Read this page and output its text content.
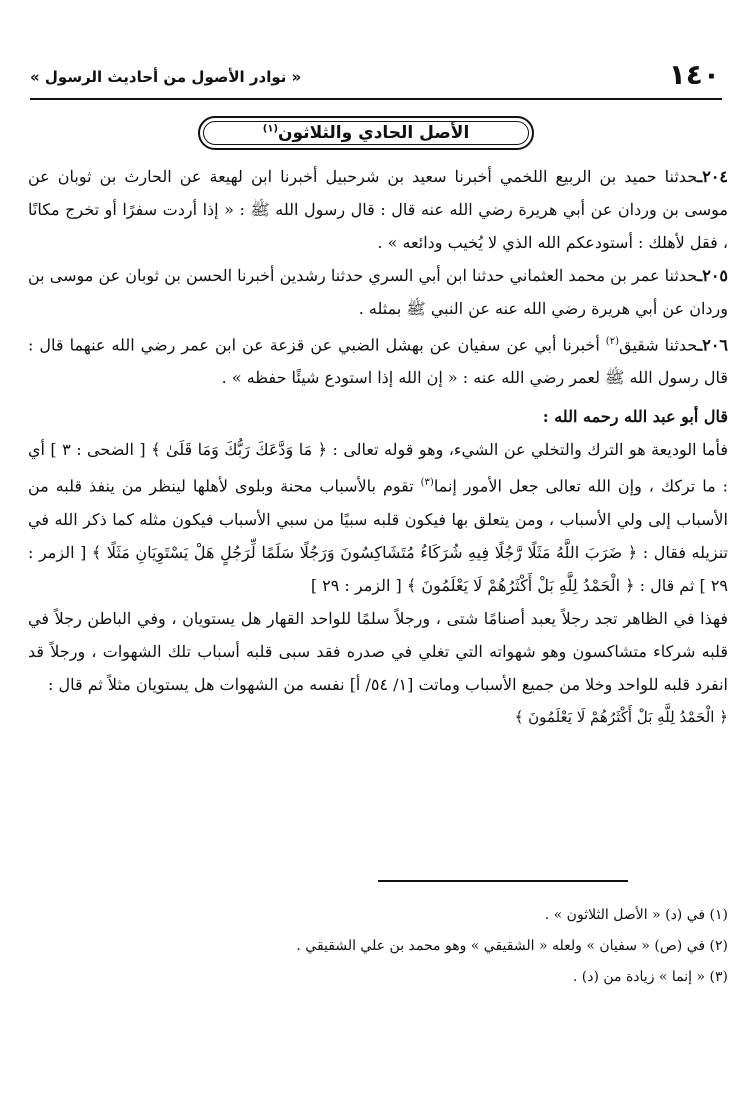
١٤٠
« نوادر الأصول من أحاديث الرسول »
الأصل الحادي والثلاثون$^{(١)}$

٢٠٤ـحدثنا حميد بن الربيع اللخمي أخبرنا سعيد بن شرحبيل أخبرنا ابن لهيعة عن الحارث بن ثوبان عن موسى بن وردان عن أبي هريرة رضي الله عنه قال : قال رسول الله ﷺ : « إذا أردت سفرًا أو تخرج مكانًا ، فقل لأهلك : أستودعكم الله الذي لا يُخيب ودائعه » .

٢٠٥ـحدثنا عمر بن محمد العثماني حدثنا ابن أبي السري حدثنا رشدين أخبرنا الحسن بن ثوبان عن موسى بن وردان عن أبي هريرة رضي الله عنه عن النبي ﷺ بمثله .

٢٠٦ـحدثنا شقيق$^{(٢)}$ أخبرنا أبي عن سفيان عن بهشل الضبي عن قزعة عن ابن عمر رضي الله عنهما قال : قال رسول الله ﷺ لعمر رضي الله عنه : « إن الله إذا استودع شيئًا حفظه » .

قال أبو عبد الله رحمه الله :

فأما الوديعة هو الترك والتخلي عن الشيء، وهو قوله تعالى : ﴿ مَا وَدَّعَكَ رَبُّكَ وَمَا قَلَىٰ ﴾ [ الضحى : ٣ ] أي : ما تركك ، وإن الله تعالى جعل الأمور إنما$^{(٣)}$ تقوم بالأسباب محنة وبلوى لأهلها لينظر من ينفذ قلبه من الأسباب إلى ولي الأسباب ، ومن يتعلق بها فيكون قلبه سبيًا من سبي الأسباب فيكون مثله كما ذكر الله في تنزيله فقال : ﴿ ضَرَبَ اللَّهُ مَثَلًا رَّجُلًا فِيهِ شُرَكَاءُ مُتَشَاكِسُونَ وَرَجُلًا سَلَمًا لِّرَجُلٍ هَلْ يَسْتَوِيَانِ مَثَلًا ﴾ [ الزمر : ٢٩ ] ثم قال : ﴿ الْحَمْدُ لِلَّهِ بَلْ أَكْثَرُهُمْ لَا يَعْلَمُونَ ﴾ [ الزمر : ٢٩ ]

فهذا في الظاهر تجد رجلاً يعبد أصنامًا شتى ، ورجلاً سلمًا للواحد القهار هل يستويان ، وفي الباطن رجلاً في قلبه شركاء متشاكسون وهو شهواته التي تغلي في صدره فقد سبى قلبه أسباب تلك الشهوات ، ورجلاً قد انفرد قلبه للواحد وخلا من جميع الأسباب وماتت [١/ ٥٤/ أ] نفسه من الشهوات هل يستويان مثلاً ثم قال :

﴿ الْحَمْدُ لِلَّهِ بَلْ أَكْثَرُهُمْ لَا يَعْلَمُونَ ﴾

(١) في (د) « الأصل الثلاثون » .

(٢) في (ص) « سفيان » ولعله « الشقيقي » وهو محمد بن علي الشقيقي .

(٣) « إنما » زيادة من (د) .
